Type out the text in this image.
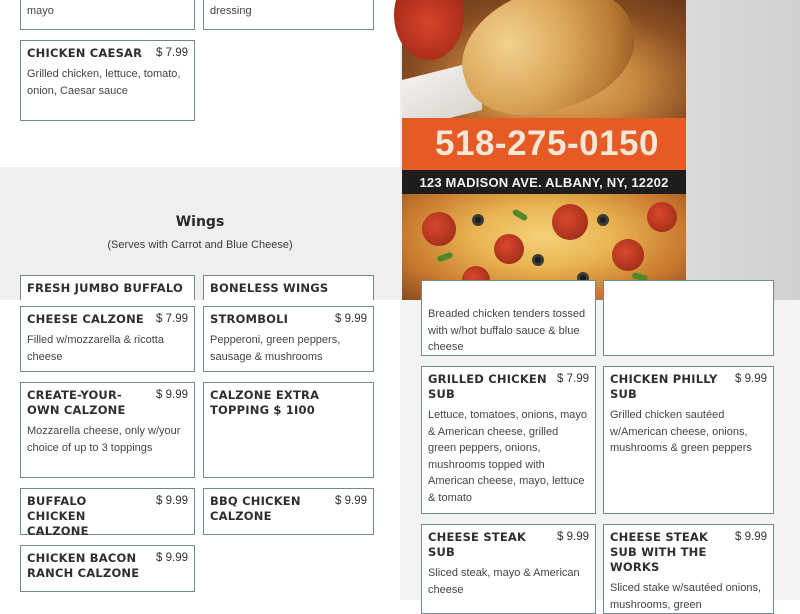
mayo	dressing
CHICKEN CAESAR $ 7.99
Grilled chicken, lettuce, tomato, onion, Caesar sauce
Wings
(Serves with Carrot and Blue Cheese)
FRESH JUMBO BUFFALO	BONELESS WINGS
518-275-0150
123 MADISON AVE. ALBANY, NY, 12202
CHEESE CALZONE $ 7.99
Filled w/mozzarella & ricotta cheese
STROMBOLI	$ 9.99
Pepperoni, green peppers, sausage & mushrooms
CREATE-YOUR-OWN CALZONE
$ 9.99
Mozzarella cheese, only w/your choice of up to 3 toppings
CALZONE EXTRA TOPPING $ 1I00
BUFFALO CHICKEN CALZONE
$ 9.99 BBQ CHICKEN CALZONE
$ 9.99
CHICKEN BACON RANCH CALZONE
$ 9.99
Breaded chicken tenders tossed with w/hot buffalo sauce & blue cheese
GRILLED CHICKEN SUB
$ 7.99
Lettuce, tomatoes, onions, mayo & American cheese, grilled green peppers, onions, mushrooms topped with American cheese, mayo, lettuce & tomato
CHICKEN PHILLY SUB
$ 9.99
Grilled chicken sautéed w/American cheese, onions, mushrooms & green peppers
CHEESE STEAK SUB
$ 9.99
Sliced steak, mayo & American cheese
CHEESE STEAK SUB WITH THE WORKS
$ 9.99
Sliced stake w/sautéed onions, mushrooms, green
